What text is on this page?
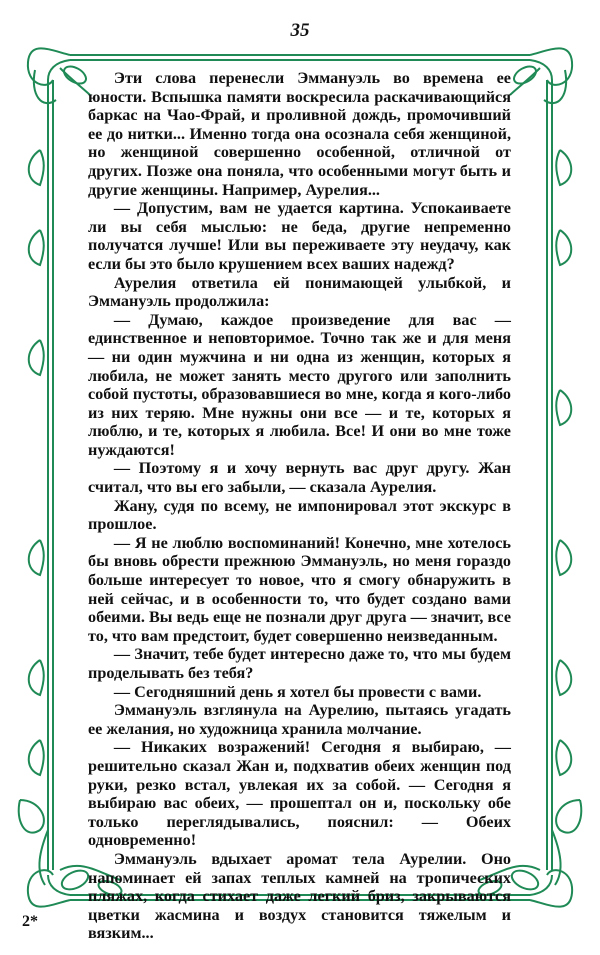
35

Эти слова перенесли Эммануэль во времена ее юности. Вспышка памяти воскресила раскачивающийся баркас на Чао-Фрай, и проливной дождь, промочивший ее до нитки... Именно тогда она осознала себя женщиной, но женщиной совершенно особенной, отличной от других. Позже она поняла, что особенными могут быть и другие женщины. Например, Аурелия...

— Допустим, вам не удается картина. Успокаиваете ли вы себя мыслью: не беда, другие непременно получатся лучше! Или вы переживаете эту неудачу, как если бы это было крушением всех ваших надежд?

Аурелия ответила ей понимающей улыбкой, и Эммануэль продолжила:

— Думаю, каждое произведение для вас — единственное и неповторимое. Точно так же и для меня — ни один мужчина и ни одна из женщин, которых я любила, не может занять место другого или заполнить собой пустоты, образовавшиеся во мне, когда я кого-либо из них теряю. Мне нужны они все — и те, которых я люблю, и те, которых я любила. Все! И они во мне тоже нуждаются!

— Поэтому я и хочу вернуть вас друг другу. Жан считал, что вы его забыли, — сказала Аурелия.

Жану, судя по всему, не импонировал этот экскурс в прошлое.

— Я не люблю воспоминаний! Конечно, мне хотелось бы вновь обрести прежнюю Эммануэль, но меня гораздо больше интересует то новое, что я смогу обнаружить в ней сейчас, и в особенности то, что будет создано вами обеими. Вы ведь еще не познали друг друга — значит, все то, что вам предстоит, будет совершенно неизведанным.

— Значит, тебе будет интересно даже то, что мы будем проделывать без тебя?

— Сегодняшний день я хотел бы провести с вами.

Эммануэль взглянула на Аурелию, пытаясь угадать ее желания, но художница хранила молчание.

— Никаких возражений! Сегодня я выбираю, — решительно сказал Жан и, подхватив обеих женщин под руки, резко встал, увлекая их за собой. — Сегодня я выбираю вас обеих, — прошептал он и, поскольку обе только переглядывались, пояснил: — Обеих одновременно!

Эммануэль вдыхает аромат тела Аурелии. Оно напоминает ей запах теплых камней на тропических пляжах, когда стихает даже легкий бриз, закрываются цветки жасмина и воздух становится тяжелым и вязким...

2*
